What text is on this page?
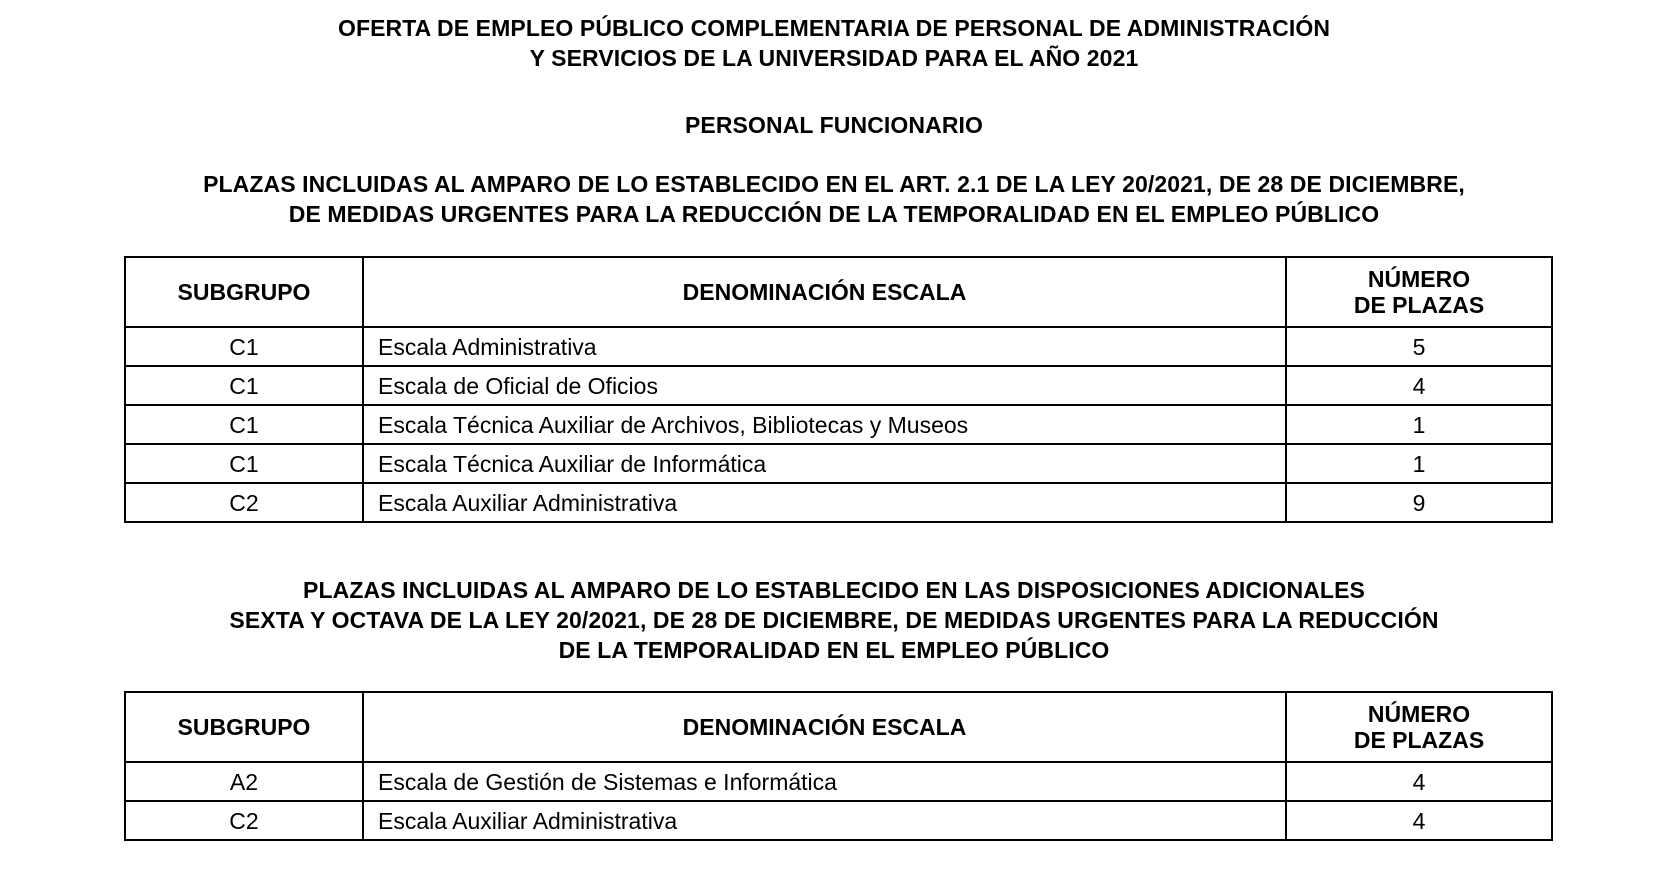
OFERTA DE EMPLEO PÚBLICO COMPLEMENTARIA DE PERSONAL DE ADMINISTRACIÓN
Y SERVICIOS DE LA UNIVERSIDAD PARA EL AÑO 2021
PERSONAL FUNCIONARIO
PLAZAS INCLUIDAS AL AMPARO DE LO ESTABLECIDO EN EL ART. 2.1 DE LA LEY 20/2021, DE 28 DE DICIEMBRE,
DE MEDIDAS URGENTES PARA LA REDUCCIÓN DE LA TEMPORALIDAD EN EL EMPLEO PÚBLICO
SUBGRUPO	DENOMINACIÓN ESCALA	NÚMERO
DE PLAZAS

C1	Escala Administrativa	5
C1	Escala de Oficial de Oficios	4
C1	Escala Técnica Auxiliar de Archivos, Bibliotecas y Museos	1
C1	Escala Técnica Auxiliar de Informática	1
C2	Escala Auxiliar Administrativa	9
PLAZAS INCLUIDAS AL AMPARO DE LO ESTABLECIDO EN LAS DISPOSICIONES ADICIONALES
SEXTA Y OCTAVA DE LA LEY 20/2021, DE 28 DE DICIEMBRE, DE MEDIDAS URGENTES PARA LA REDUCCIÓN
DE LA TEMPORALIDAD EN EL EMPLEO PÚBLICO
SUBGRUPO	DENOMINACIÓN ESCALA	NÚMERO
DE PLAZAS

A2	Escala de Gestión de Sistemas e Informática	4
C2	Escala Auxiliar Administrativa	4
